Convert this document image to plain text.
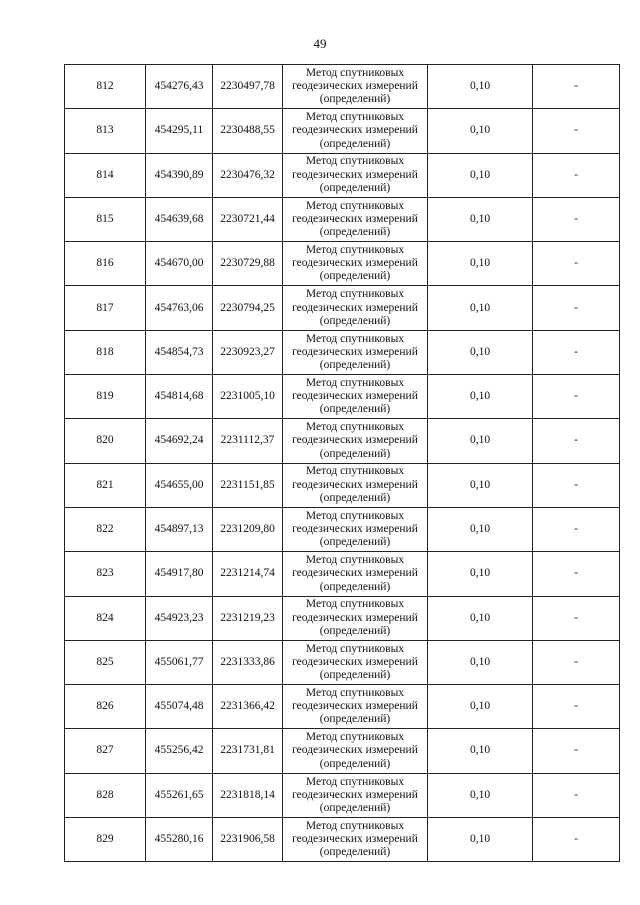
49
812	454276,43	2230497,78	Метод спутниковых
геодезических измерений
(определений)	0,10	-
813	454295,11	2230488,55	Метод спутниковых
геодезических измерений
(определений)	0,10	-
814	454390,89	2230476,32	Метод спутниковых
геодезических измерений
(определений)	0,10	-
815	454639,68	2230721,44	Метод спутниковых
геодезических измерений
(определений)	0,10	-
816	454670,00	2230729,88	Метод спутниковых
геодезических измерений
(определений)	0,10	-
817	454763,06	2230794,25	Метод спутниковых
геодезических измерений
(определений)	0,10	-
818	454854,73	2230923,27	Метод спутниковых
геодезических измерений
(определений)	0,10	-
819	454814,68	2231005,10	Метод спутниковых
геодезических измерений
(определений)	0,10	-
820	454692,24	2231112,37	Метод спутниковых
геодезических измерений
(определений)	0,10	-
821	454655,00	2231151,85	Метод спутниковых
геодезических измерений
(определений)	0,10	-
822	454897,13	2231209,80	Метод спутниковых
геодезических измерений
(определений)	0,10	-
823	454917,80	2231214,74	Метод спутниковых
геодезических измерений
(определений)	0,10	-
824	454923,23	2231219,23	Метод спутниковых
геодезических измерений
(определений)	0,10	-
825	455061,77	2231333,86	Метод спутниковых
геодезических измерений
(определений)	0,10	-
826	455074,48	2231366,42	Метод спутниковых
геодезических измерений
(определений)	0,10	-
827	455256,42	2231731,81	Метод спутниковых
геодезических измерений
(определений)	0,10	-
828	455261,65	2231818,14	Метод спутниковых
геодезических измерений
(определений)	0,10	-
829	455280,16	2231906,58	Метод спутниковых
геодезических измерений
(определений)	0,10	-
